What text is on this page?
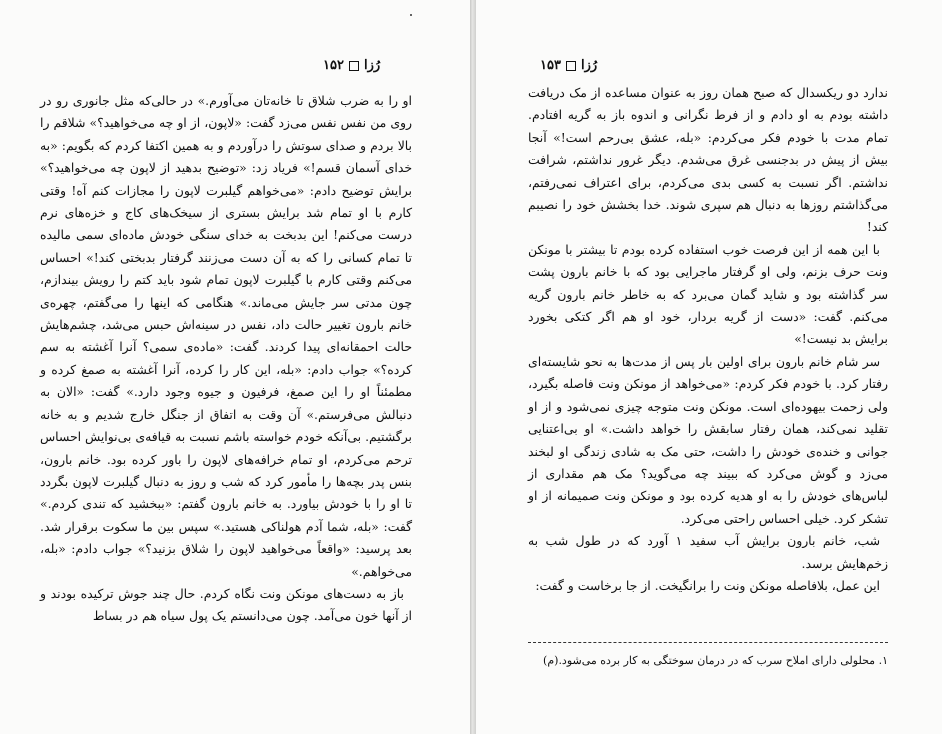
۱۵۲ رُزا

او را به ضرب شلاق تا خانه‌تان می‌آورم.» در حالی‌که مثل جانوری رو در روی من نفس نفس می‌زد گفت: «لاپون، از او چه می‌خواهید؟» شلاقم را بالا بردم و صدای سوتش را درآوردم و به همین اکتفا کردم که بگویم: «به خدای آسمان قسم!» فریاد زد: «توضیح بدهید از لاپون چه می‌خواهید؟» برایش توضیح دادم: «می‌خواهم گیلبرت لاپون را مجازات کنم آه! وقتی کارم با او تمام شد برایش بستری از سیخک‌های کاج و خزه‌های نرم درست می‌کنم! این بدبخت به خدای سنگی خودش ماده‌ای سمی مالیده تا تمام کسانی را که به آن دست می‌زنند گرفتار بدبختی کند!» احساس می‌کنم وقتی کارم با گیلبرت لاپون تمام شود باید کتم را رویش بیندازم، چون مدتی سر جایش می‌ماند.» هنگامی که اینها را می‌گفتم، چهره‌ی خانم بارون تغییر حالت داد، نفس در سینه‌اش حبس می‌شد، چشم‌هایش حالت احمقانه‌ای پیدا کردند. گفت: «ماده‌ی سمی؟ آنرا آغشته به سم کرده؟» جواب دادم: «بله، این کار را کرده، آنرا آغشته به صمغ کرده و مطمئناً او را این صمغ، فرفیون و جیوه وجود دارد.» گفت: «الان به دنبالش می‌فرستم.» آن وقت به اتفاق از جنگل خارج شدیم و به خانه برگشتیم. بی‌آنکه خودم خواسته باشم نسبت به قیافه‌ی بی‌نوایش احساس ترحم می‌کردم، او تمام خرافه‌های لاپون را باور کرده بود. خانم بارون، بنس پدر بچه‌ها را مأمور کرد که شب و روز به دنبال گیلبرت لاپون بگردد تا او را با خودش بیاورد. به خانم بارون گفتم: «ببخشید که تندی کردم.» گفت: «بله، شما آدم هولناکی هستید.» سپس بین ما سکوت برقرار شد. بعد پرسید: «واقعاً می‌خواهید لاپون را شلاق بزنید؟» جواب دادم: «بله، می‌خواهم.»

باز به دست‌های مونکن ونت نگاه کردم. حال چند جوش ترکیده بودند و از آنها خون می‌آمد. چون می‌دانستم یک پول سیاه هم در بساط

۱۵۳ رُزا

ندارد دو ریکسدال که صبح همان روز به عنوان مساعده از مک دریافت داشته بودم به او دادم و از فرط نگرانی و اندوه باز به گریه افتادم. تمام مدت با خودم فکر می‌کردم: «بله، عشق بی‌رحم است!» آنجا بیش از پیش در بدجنسی غرق می‌شدم. دیگر غرور نداشتم، شرافت نداشتم. اگر نسبت به کسی بدی می‌کردم، برای اعتراف نمی‌رفتم، می‌گذاشتم روزها به دنبال هم سپری شوند. خدا بخشش خود را نصیبم کند!

با این همه از این فرصت خوب استفاده کرده بودم تا بیشتر با مونکن ونت حرف بزنم، ولی او گرفتار ماجرایی بود که با خانم بارون پشت سر گذاشته بود و شاید گمان می‌برد که به خاطر خانم بارون گریه می‌کنم. گفت: «دست از گریه بردار، خود او هم اگر کتکی بخورد برایش بد نیست!»

سر شام خانم بارون برای اولین بار پس از مدت‌ها به نحو شایسته‌ای رفتار کرد. با خودم فکر کردم: «می‌خواهد از مونکن ونت فاصله بگیرد، ولی زحمت بیهوده‌ای است. مونکن ونت متوجه چیزی نمی‌شود و از او تقلید نمی‌کند، همان رفتار سابقش را خواهد داشت.» او بی‌اعتنایی جوانی و خنده‌ی خودش را داشت، حتی مک به شادی زندگی او لبخند می‌زد و گوش می‌کرد که ببیند چه می‌گوید؟ مک هم مقداری از لباس‌های خودش را به او هدیه کرده بود و مونکن ونت صمیمانه از او تشکر کرد. خیلی احساس راحتی می‌کرد.

شب، خانم بارون برایش آب سفید ۱ آورد که در طول شب به زخم‌هایش برسد.

این عمل، بلافاصله مونکن ونت را برانگیخت. از جا برخاست و گفت:

۱. محلولی دارای املاح سرب که در درمان سوختگی به کار برده می‌شود.(م)
